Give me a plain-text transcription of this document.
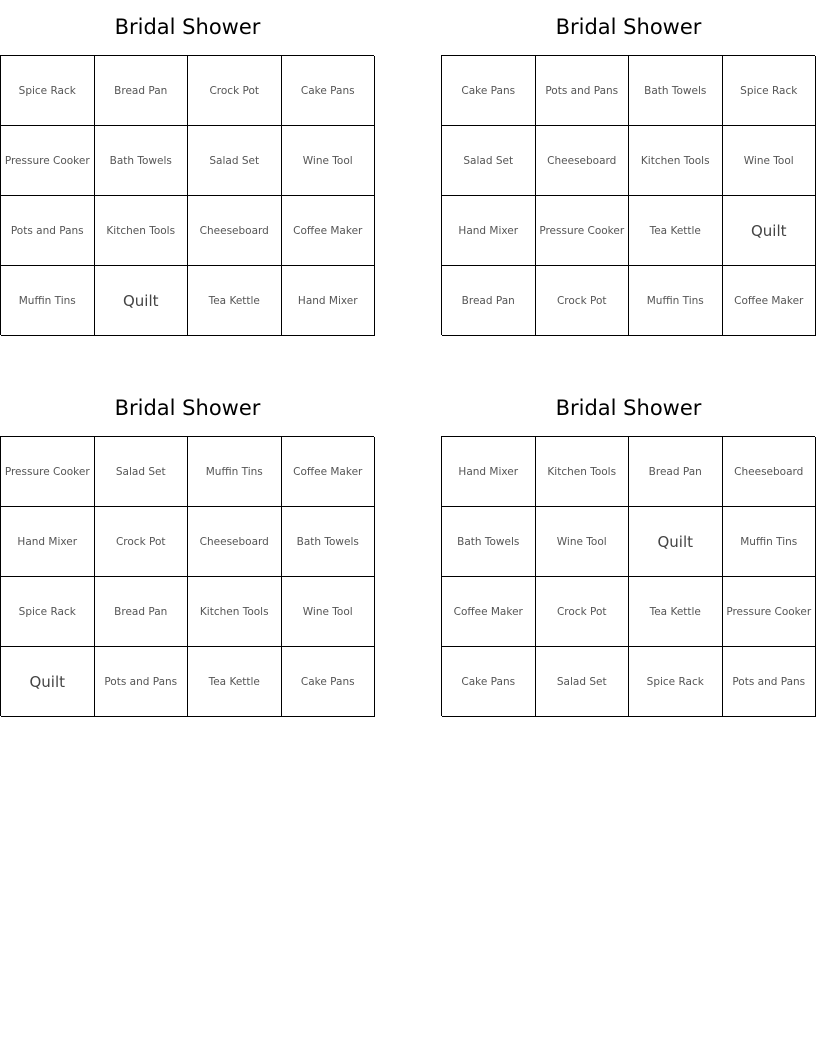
Bridal Shower
Spice Rack	Bread Pan	Crock Pot	Cake Pans
Pressure Cooker	Bath Towels	Salad Set	Wine Tool
Pots and Pans	Kitchen Tools	Cheeseboard	Coffee Maker
Muffin Tins	Quilt	Tea Kettle	Hand Mixer
Bridal Shower
Cake Pans	Pots and Pans	Bath Towels	Spice Rack
Salad Set	Cheeseboard	Kitchen Tools	Wine Tool
Hand Mixer	Pressure Cooker	Tea Kettle	Quilt
Bread Pan	Crock Pot	Muffin Tins	Coffee Maker
Bridal Shower
Pressure Cooker	Salad Set	Muffin Tins	Coffee Maker
Hand Mixer	Crock Pot	Cheeseboard	Bath Towels
Spice Rack	Bread Pan	Kitchen Tools	Wine Tool
Quilt	Pots and Pans	Tea Kettle	Cake Pans
Bridal Shower
Hand Mixer	Kitchen Tools	Bread Pan	Cheeseboard
Bath Towels	Wine Tool	Quilt	Muffin Tins
Coffee Maker	Crock Pot	Tea Kettle	Pressure Cooker
Cake Pans	Salad Set	Spice Rack	Pots and Pans
